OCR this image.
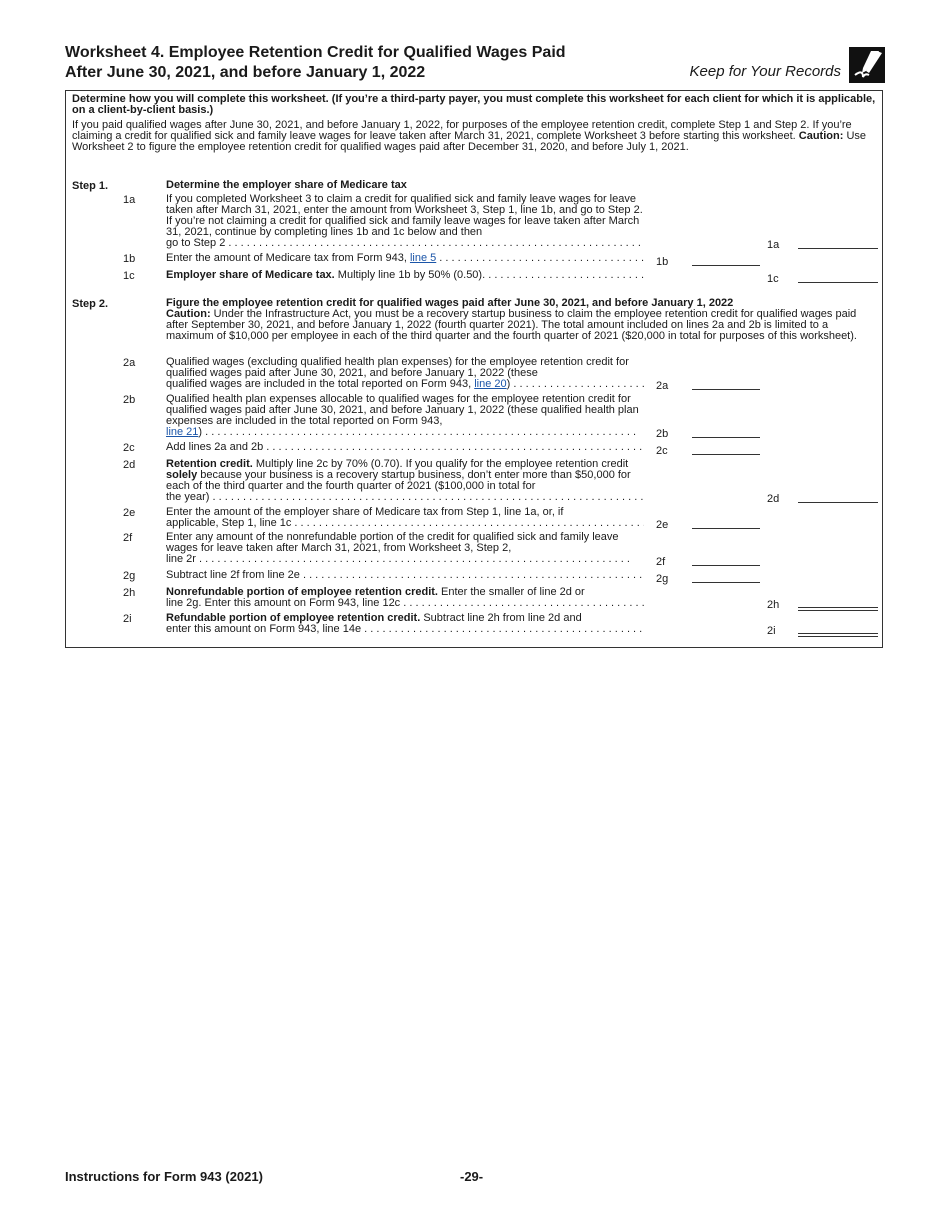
Worksheet 4. Employee Retention Credit for Qualified Wages Paid
After June 30, 2021, and before January 1, 2022	Keep for Your Records
Determine how you will complete this worksheet. (If you’re a third-party payer, you must complete this worksheet for each client for which it is applicable, on a client-by-client basis.)
If you paid qualified wages after June 30, 2021, and before January 1, 2022, for purposes of the employee retention credit, complete Step 1 and Step 2. If you’re claiming a credit for qualified sick and family leave wages for leave taken after March 31, 2021, complete Worksheet 3 before starting this worksheet. Caution: Use Worksheet 2 to figure the employee retention credit for qualified wages paid after December 31, 2020, and before July 1, 2021.
Step 1.	Determine the employer share of Medicare tax
1a	If you completed Worksheet 3 to claim a credit for qualified sick and family leave wages for leave taken after March 31, 2021, enter the amount from Worksheet 3, Step 1, line 1b, and go to Step 2. If you’re not claiming a credit for qualified sick and family leave wages for leave taken after March 31, 2021, continue by completing lines 1b and 1c below and then
go to Step 2 . . .	1a
1b	Enter the amount of Medicare tax from Form 943, line 5 . . .	1b
1c	Employer share of Medicare tax. Multiply line 1b by 50% (0.50). . . .	1c
Step 2.	Figure the employee retention credit for qualified wages paid after June 30, 2021, and before January 1, 2022
Caution: Under the Infrastructure Act, you must be a recovery startup business to claim the employee retention credit for qualified wages paid after September 30, 2021, and before January 1, 2022 (fourth quarter 2021). The total amount included on lines 2a and 2b is limited to a maximum of $10,000 per employee in each of the third quarter and the fourth quarter of 2021 ($20,000 in total for purposes of this worksheet).
2a	Qualified wages (excluding qualified health plan expenses) for the employee retention credit for qualified wages paid after June 30, 2021, and before January 1, 2022 (these
qualified wages are included in the total reported on Form 943, line 20) . . .	2a
2b	Qualified health plan expenses allocable to qualified wages for the employee retention credit for qualified wages paid after June 30, 2021, and before January 1, 2022 (these qualified health plan expenses are included in the total reported on Form 943,
line 21) . . .	2b
2c	Add lines 2a and 2b . . .	2c
2d	Retention credit. Multiply line 2c by 70% (0.70). If you qualify for the employee retention credit solely because your business is a recovery startup business, don’t enter more than $50,000 for each of the third quarter and the fourth quarter of 2021 ($100,000 in total for
the year) . . .	2d
2e	Enter the amount of the employer share of Medicare tax from Step 1, line 1a, or, if
applicable, Step 1, line 1c . . .	2e
2f	Enter any amount of the nonrefundable portion of the credit for qualified sick and family leave wages for leave taken after March 31, 2021, from Worksheet 3, Step 2,
line 2r . . .	2f
2g	Subtract line 2f from line 2e . . .	2g
2h	Nonrefundable portion of employee retention credit. Enter the smaller of line 2d or
line 2g. Enter this amount on Form 943, line 12c . . .	2h
2i	Refundable portion of employee retention credit. Subtract line 2h from line 2d and
enter this amount on Form 943, line 14e . . .	2i
Instructions for Form 943 (2021)	-29-
